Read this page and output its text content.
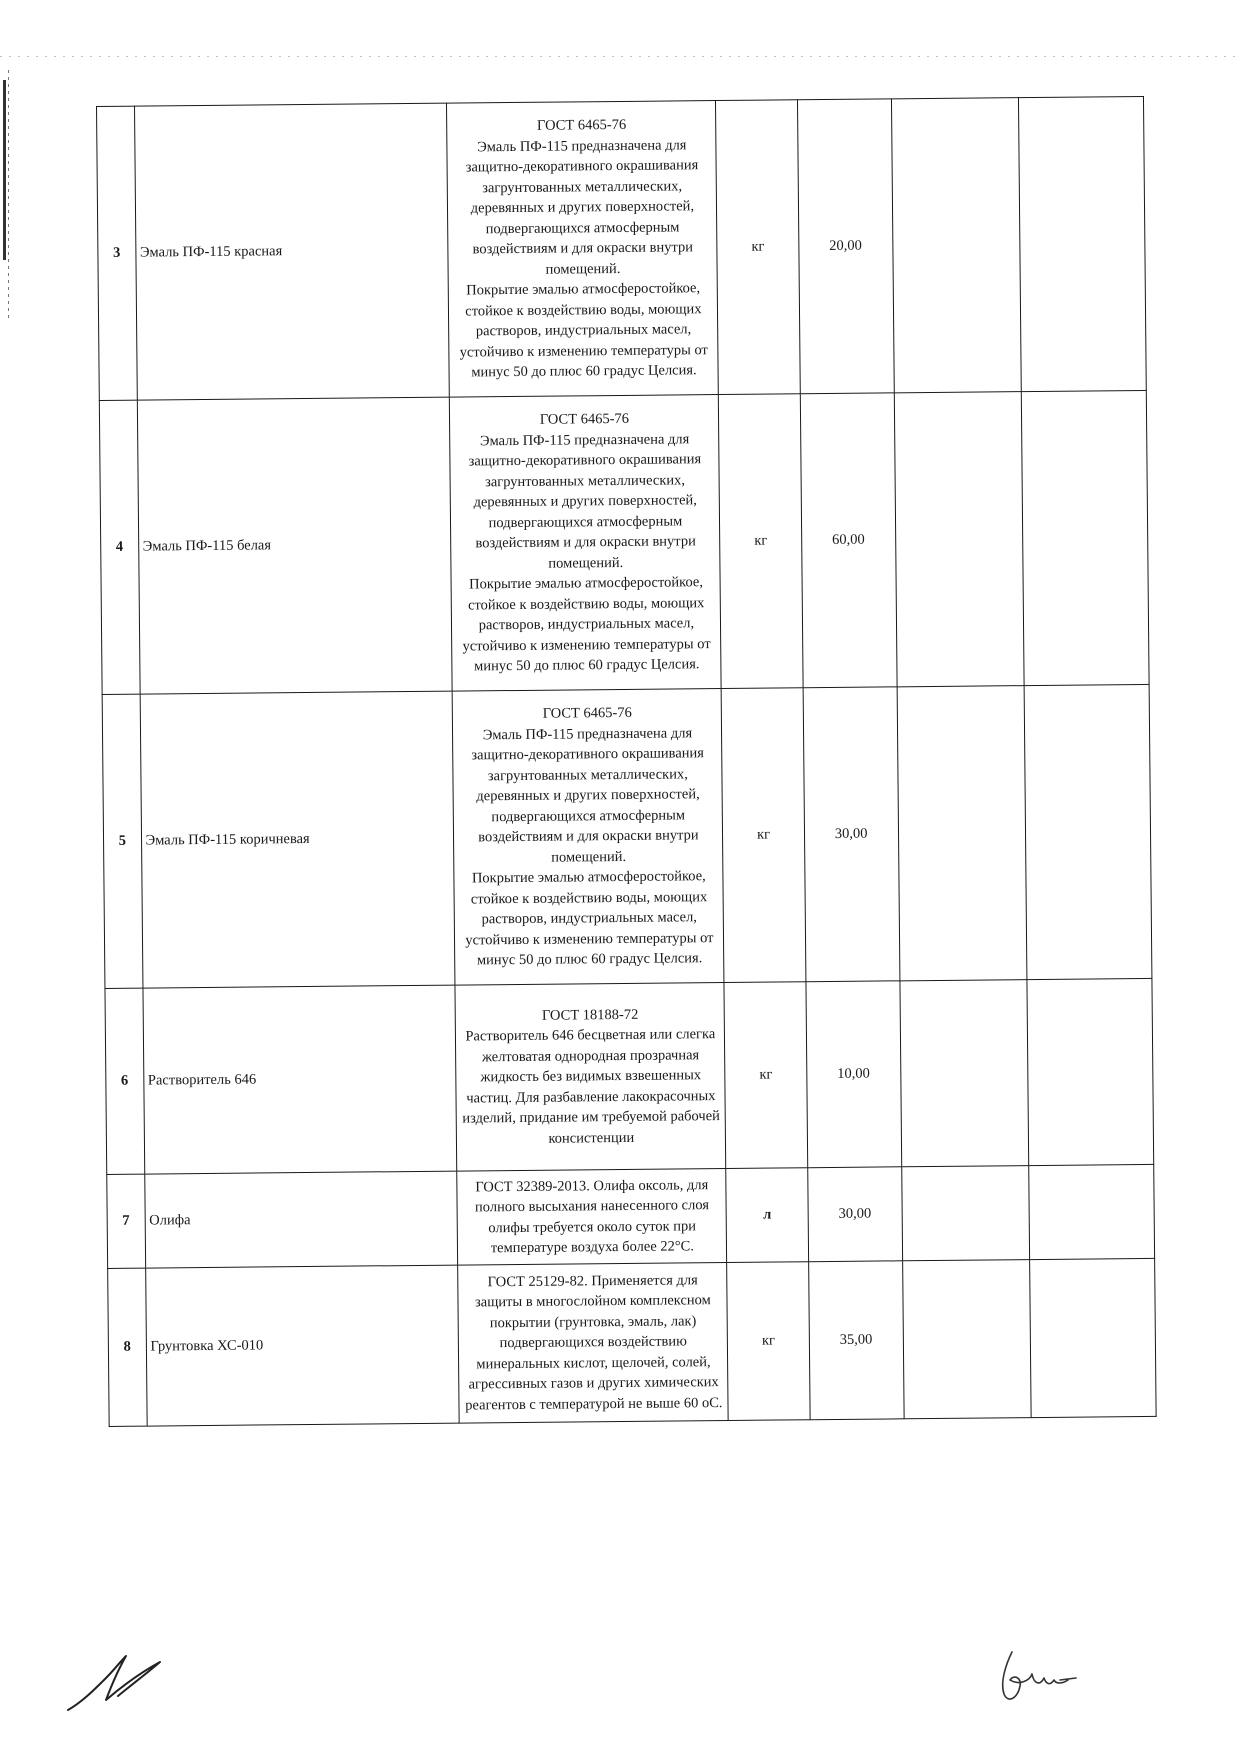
3	Эмаль ПФ-115 красная	ГОСТ 6465-76
Эмаль ПФ-115 предназначена для защитно-декоративного окрашивания загрунтованных металлических, деревянных и других поверхностей, подвергающихся атмосферным воздействиям и для окраски внутри помещений.
Покрытие эмалью атмосферостойкое, стойкое к воздействию воды, моющих растворов, индустриальных масел, устойчиво к изменению температуры от минус 50 до плюс 60 градус Целсия.	кг	20,00		
4	Эмаль ПФ-115 белая	ГОСТ 6465-76
Эмаль ПФ-115 предназначена для защитно-декоративного окрашивания загрунтованных металлических, деревянных и других поверхностей, подвергающихся атмосферным воздействиям и для окраски внутри помещений.
Покрытие эмалью атмосферостойкое, стойкое к воздействию воды, моющих растворов, индустриальных масел, устойчиво к изменению температуры от минус 50 до плюс 60 градус Целсия.	кг	60,00		
5	Эмаль ПФ-115 коричневая	ГОСТ 6465-76
Эмаль ПФ-115 предназначена для защитно-декоративного окрашивания загрунтованных металлических, деревянных и других поверхностей, подвергающихся атмосферным воздействиям и для окраски внутри помещений.
Покрытие эмалью атмосферостойкое, стойкое к воздействию воды, моющих растворов, индустриальных масел, устойчиво к изменению температуры от минус 50 до плюс 60 градус Целсия.	кг	30,00		
6	Растворитель 646	ГОСТ 18188-72
Растворитель 646 бесцветная или слегка желтоватая однородная прозрачная жидкость без видимых взвешенных частиц. Для разбавление лакокрасочных изделий, придание им требуемой рабочей консистенции	кг	10,00		
7	Олифа	ГОСТ 32389-2013. Олифа оксоль, для полного высыхания нанесенного слоя олифы требуется около суток при температуре воздуха более 22°С.	л	30,00		
8	Грунтовка ХС-010	ГОСТ 25129-82. Применяется для защиты в многослойном комплексном покрытии (грунтовка, эмаль, лак) подвергающихся воздействию минеральных кислот, щелочей, солей, агрессивных газов и других химических реагентов с температурой не выше 60 оС.	кг	35,00		
